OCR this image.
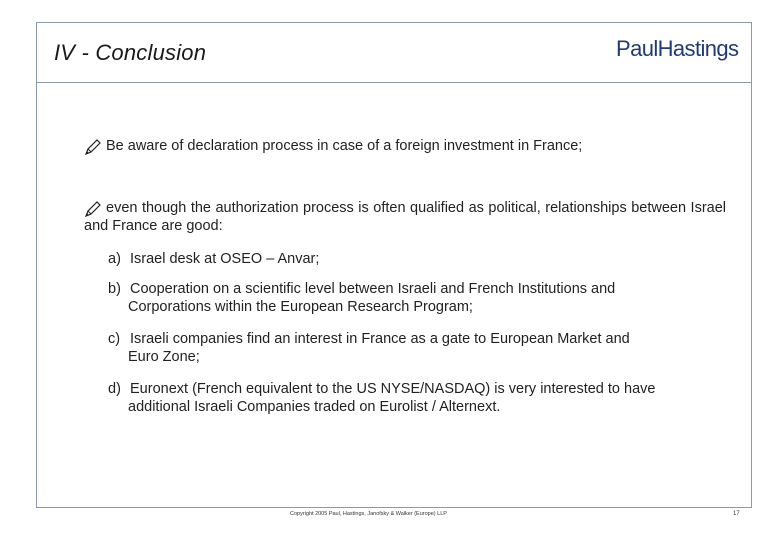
IV - Conclusion	PaulHastings
Be aware of declaration process in case of a foreign investment in France;
even though the authorization process is often qualified as political, relationships between Israel and France are good:
a) Israel desk at OSEO – Anvar;
b) Cooperation on a scientific level between Israeli and French Institutions and
Corporations within the European Research Program;
c) Israeli companies find an interest in France as a gate to European Market and
Euro Zone;
d) Euronext (French equivalent to the US NYSE/NASDAQ) is very interested to have
additional Israeli Companies traded on Eurolist / Alternext.
Copyright 2005 Paul, Hastings, Janofsky & Walker (Europe) LLP	17
